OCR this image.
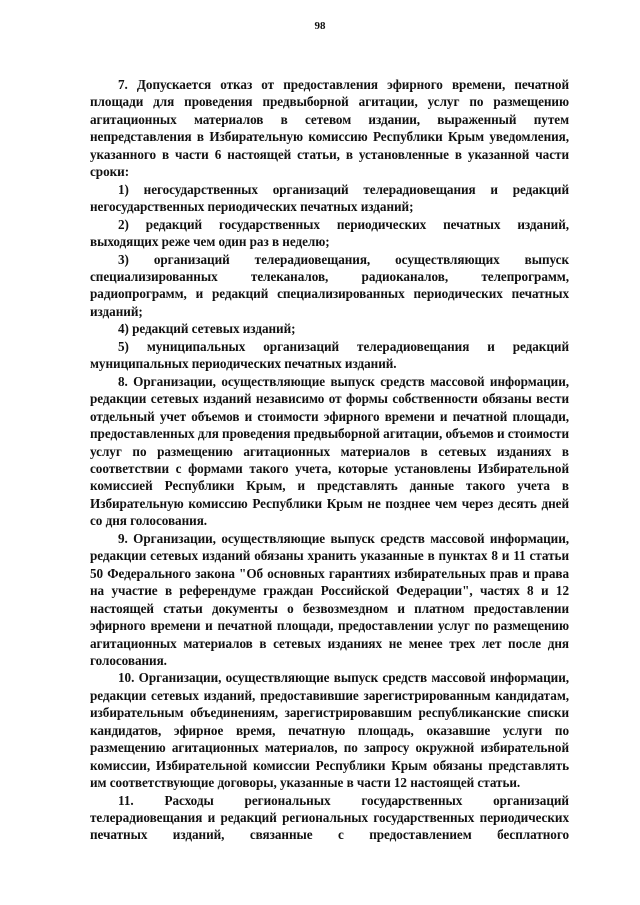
98

7. Допускается отказ от предоставления эфирного времени, печатной площади для проведения предвыборной агитации, услуг по размещению агитационных материалов в сетевом издании, выраженный путем непредставления в Избирательную комиссию Республики Крым уведомления, указанного в части 6 настоящей статьи, в установленные в указанной части сроки:

1) негосударственных организаций телерадиовещания и редакций негосударственных периодических печатных изданий;

2) редакций государственных периодических печатных изданий, выходящих реже чем один раз в неделю;

3) организаций телерадиовещания, осуществляющих выпуск специализированных телеканалов, радиоканалов, телепрограмм, радиопрограмм, и редакций специализированных периодических печатных изданий;

4) редакций сетевых изданий;

5) муниципальных организаций телерадиовещания и редакций муниципальных периодических печатных изданий.

8. Организации, осуществляющие выпуск средств массовой информации, редакции сетевых изданий независимо от формы собственности обязаны вести отдельный учет объемов и стоимости эфирного времени и печатной площади, предоставленных для проведения предвыборной агитации, объемов и стоимости услуг по размещению агитационных материалов в сетевых изданиях в соответствии с формами такого учета, которые установлены Избирательной комиссией Республики Крым, и представлять данные такого учета в Избирательную комиссию Республики Крым не позднее чем через десять дней со дня голосования.

9. Организации, осуществляющие выпуск средств массовой информации, редакции сетевых изданий обязаны хранить указанные в пунктах 8 и 11 статьи 50 Федерального закона "Об основных гарантиях избирательных прав и права на участие в референдуме граждан Российской Федерации", частях 8 и 12 настоящей статьи документы о безвозмездном и платном предоставлении эфирного времени и печатной площади, предоставлении услуг по размещению агитационных материалов в сетевых изданиях не менее трех лет после дня голосования.

10. Организации, осуществляющие выпуск средств массовой информации, редакции сетевых изданий, предоставившие зарегистрированным кандидатам, избирательным объединениям, зарегистрировавшим республиканские списки кандидатов, эфирное время, печатную площадь, оказавшие услуги по размещению агитационных материалов, по запросу окружной избирательной комиссии, Избирательной комиссии Республики Крым обязаны представлять им соответствующие договоры, указанные в части 12 настоящей статьи.

11. Расходы региональных государственных организаций телерадиовещания и редакций региональных государственных периодических печатных изданий, связанные с предоставлением бесплатного
